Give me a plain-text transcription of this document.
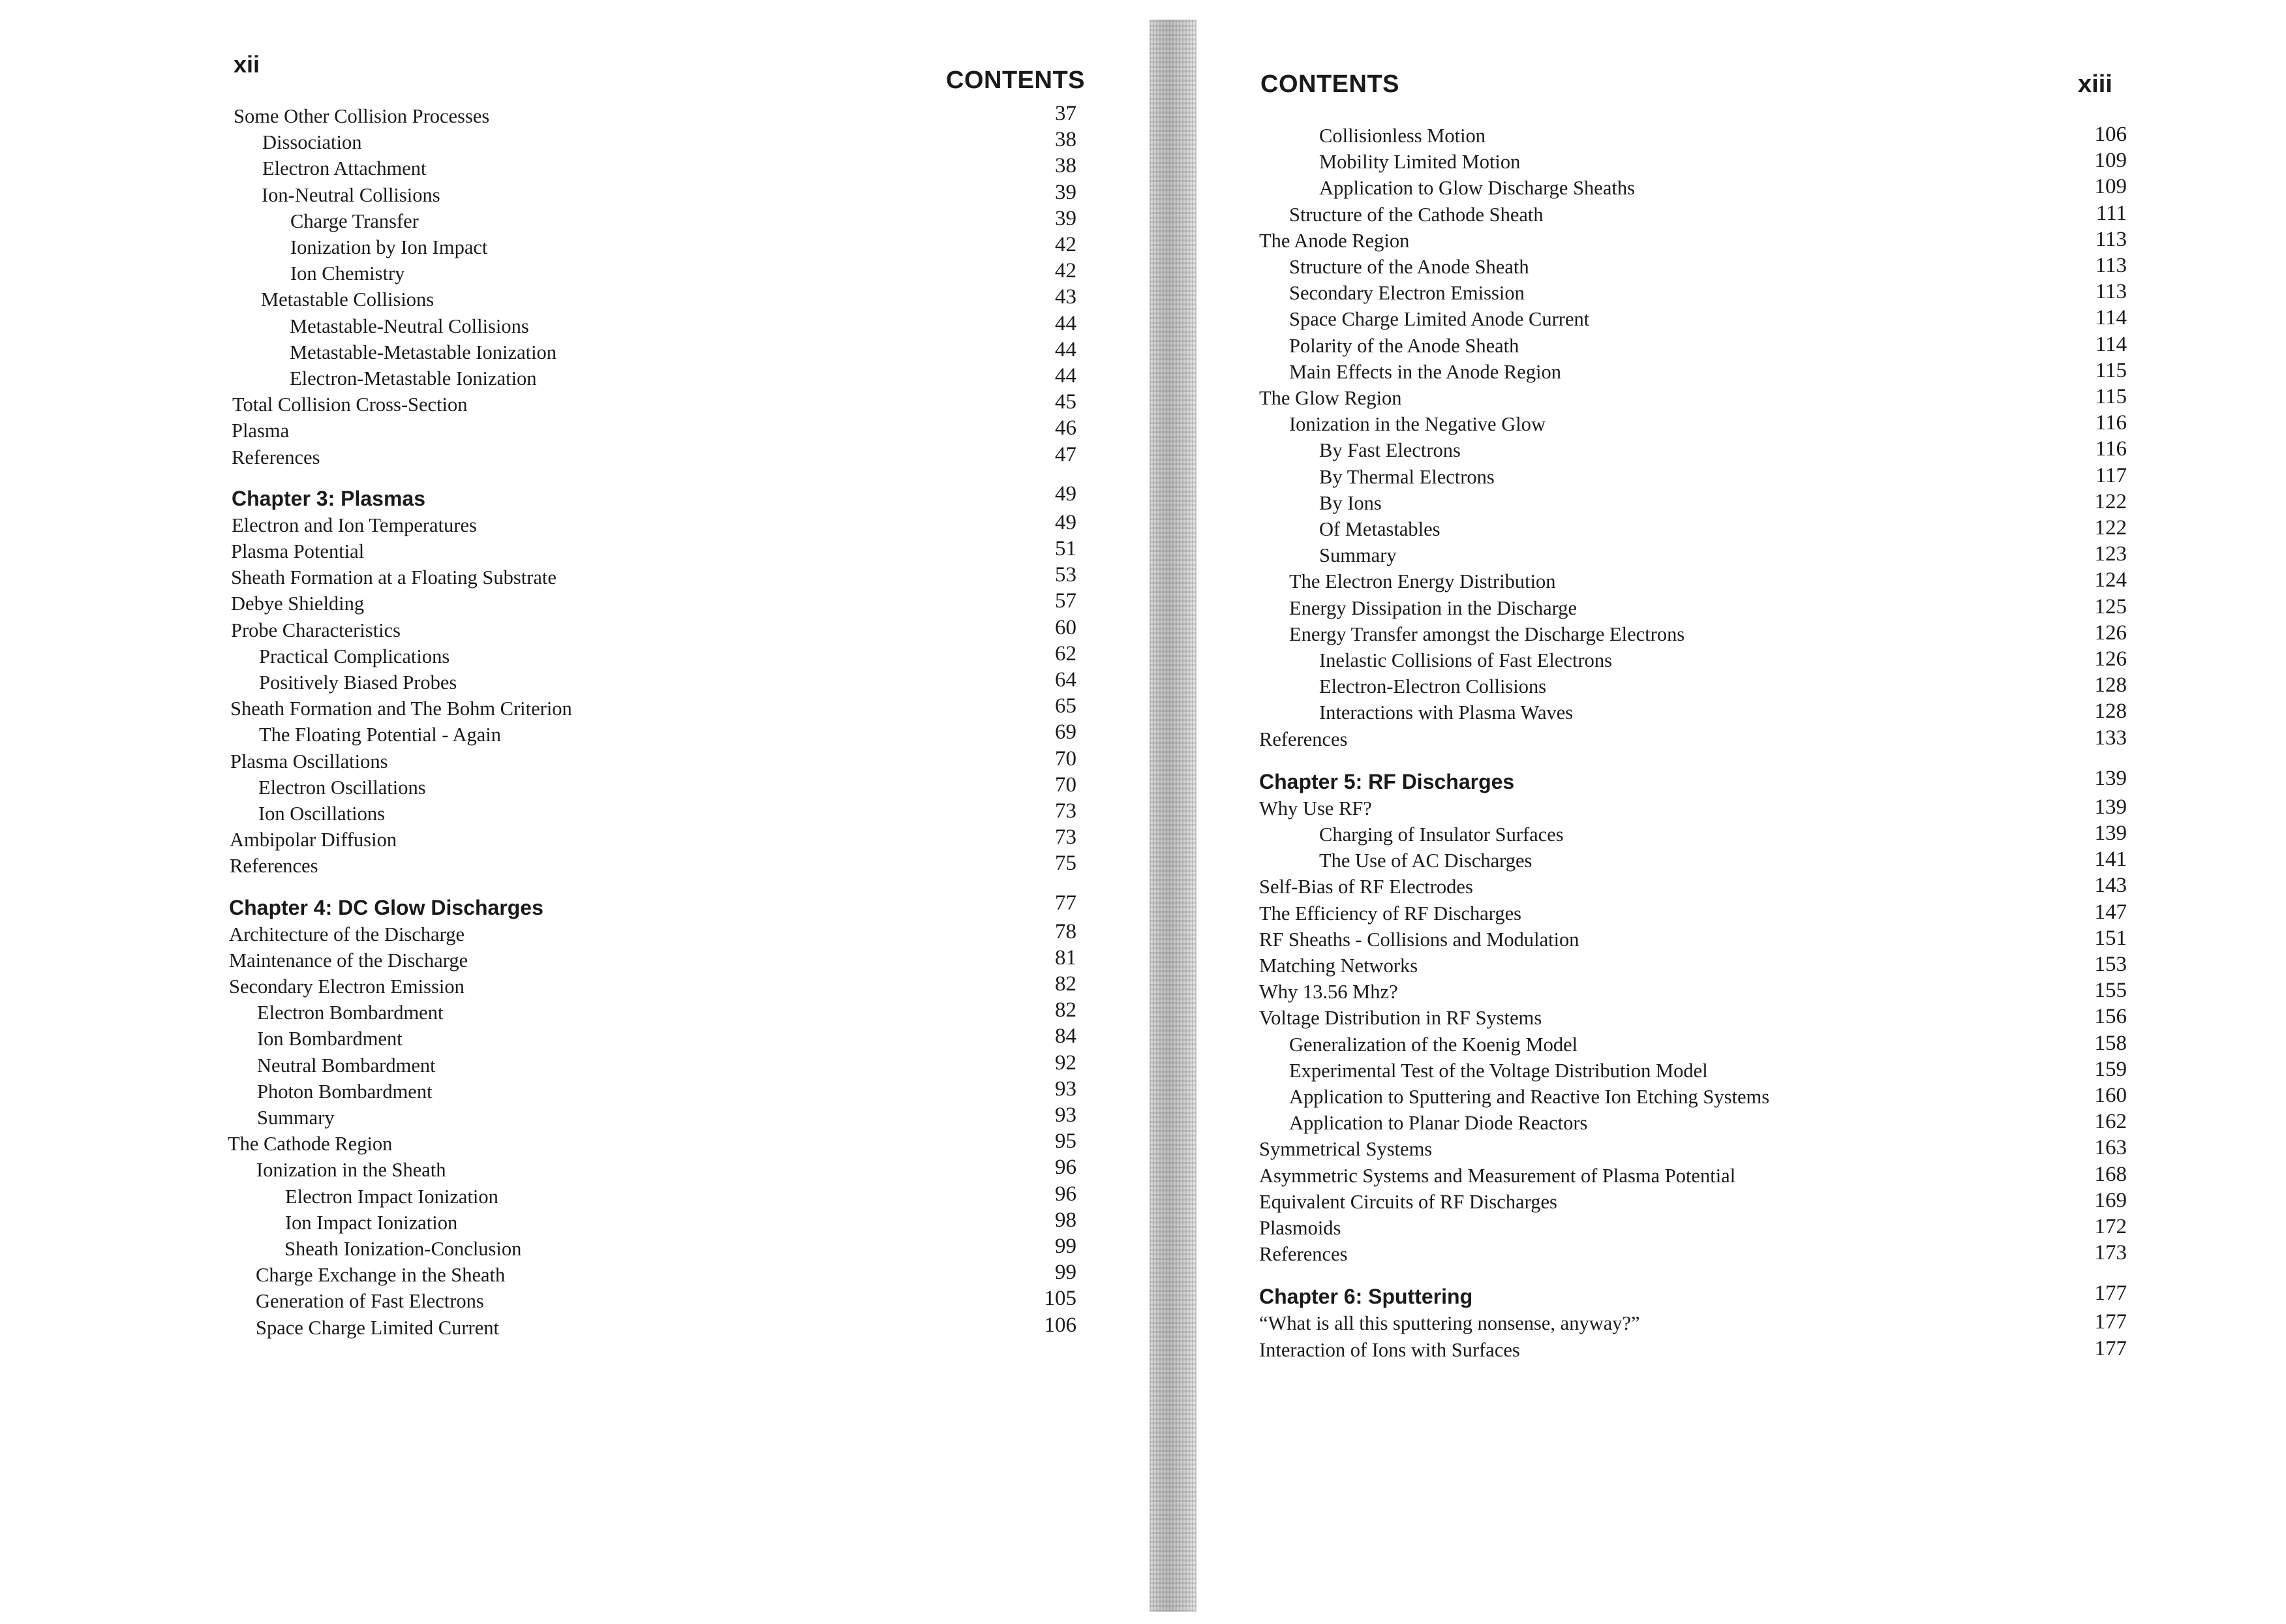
xii
CONTENTS
Some Other Collision Processes	37
Dissociation	38
Electron Attachment	38
Ion-Neutral Collisions	39
Charge Transfer	39
Ionization by Ion Impact	42
Ion Chemistry	42
Metastable Collisions	43
Metastable-Neutral Collisions	44
Metastable-Metastable Ionization	44
Electron-Metastable Ionization	44
Total Collision Cross-Section	45
Plasma	46
References	47
Chapter 3: Plasmas	49
Electron and Ion Temperatures	49
Plasma Potential	51
Sheath Formation at a Floating Substrate	53
Debye Shielding	57
Probe Characteristics	60
Practical Complications	62
Positively Biased Probes	64
Sheath Formation and The Bohm Criterion	65
The Floating Potential - Again	69
Plasma Oscillations	70
Electron Oscillations	70
Ion Oscillations	73
Ambipolar Diffusion	73
References	75
Chapter 4: DC Glow Discharges	77
Architecture of the Discharge	78
Maintenance of the Discharge	81
Secondary Electron Emission	82
Electron Bombardment	82
Ion Bombardment	84
Neutral Bombardment	92
Photon Bombardment	93
Summary	93
The Cathode Region	95
Ionization in the Sheath	96
Electron Impact Ionization	96
Ion Impact Ionization	98
Sheath Ionization-Conclusion	99
Charge Exchange in the Sheath	99
Generation of Fast Electrons	105
Space Charge Limited Current	106
CONTENTS	xiii
Collisionless Motion	106
Mobility Limited Motion	109
Application to Glow Discharge Sheaths	109
Structure of the Cathode Sheath	111
The Anode Region	113
Structure of the Anode Sheath	113
Secondary Electron Emission	113
Space Charge Limited Anode Current	114
Polarity of the Anode Sheath	114
Main Effects in the Anode Region	115
The Glow Region	115
Ionization in the Negative Glow	116
By Fast Electrons	116
By Thermal Electrons	117
By Ions	122
Of Metastables	122
Summary	123
The Electron Energy Distribution	124
Energy Dissipation in the Discharge	125
Energy Transfer amongst the Discharge Electrons	126
Inelastic Collisions of Fast Electrons	126
Electron-Electron Collisions	128
Interactions with Plasma Waves	128
References	133
Chapter 5: RF Discharges	139
Why Use RF?	139
Charging of Insulator Surfaces	139
The Use of AC Discharges	141
Self-Bias of RF Electrodes	143
The Efficiency of RF Discharges	147
RF Sheaths - Collisions and Modulation	151
Matching Networks	153
Why 13.56 Mhz?	155
Voltage Distribution in RF Systems	156
Generalization of the Koenig Model	158
Experimental Test of the Voltage Distribution Model	159
Application to Sputtering and Reactive Ion Etching Systems	160
Application to Planar Diode Reactors	162
Symmetrical Systems	163
Asymmetric Systems and Measurement of Plasma Potential	168
Equivalent Circuits of RF Discharges	169
Plasmoids	172
References	173
Chapter 6: Sputtering	177
“What is all this sputtering nonsense, anyway?”	177
Interaction of Ions with Surfaces	177
